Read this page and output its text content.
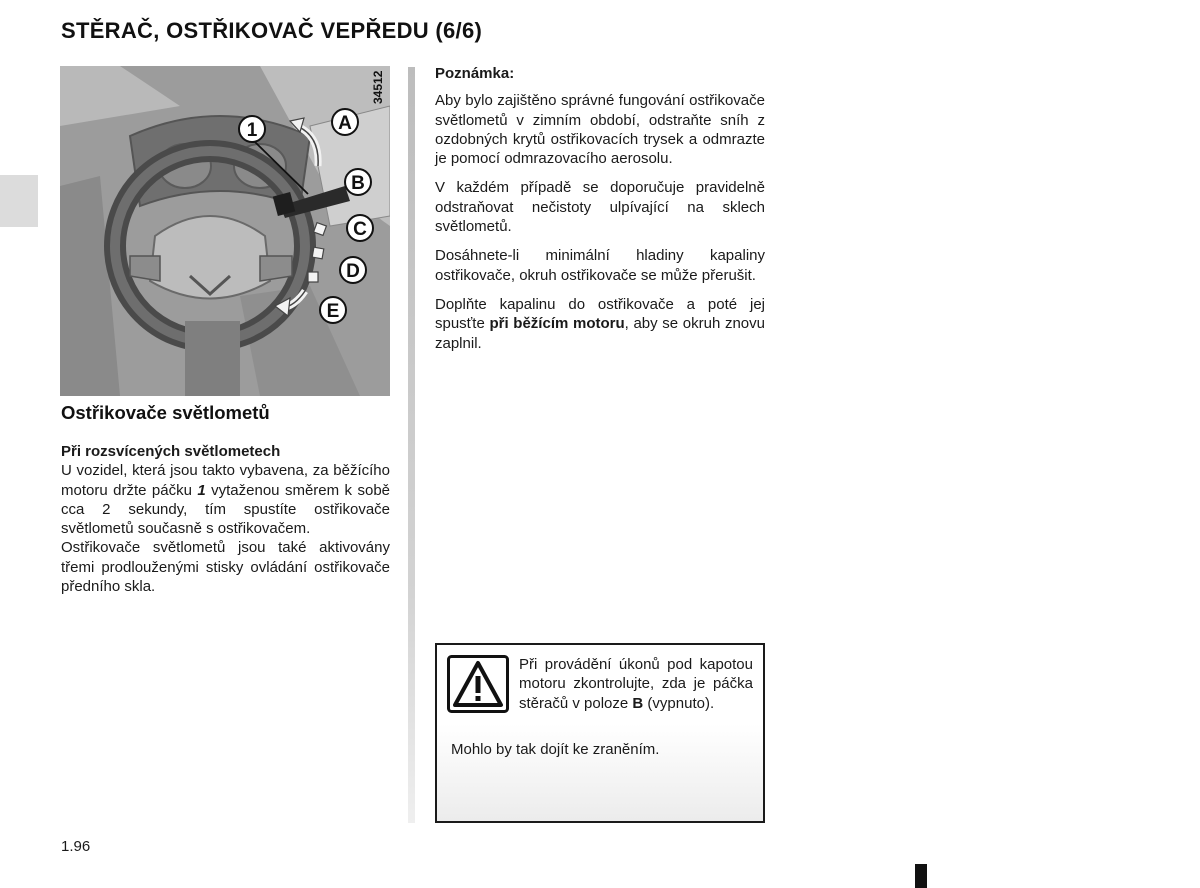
STĚRAČ, OSTŘIKOVAČ VEPŘEDU (6/6)
34512
1	A
B
C
D
E
Ostřikovače světlometů

Při rozsvícených světlometech

U vozidel, která jsou takto vybavena, za běžícího motoru držte páčku 1 vytaženou směrem k sobě cca 2 sekundy, tím spustíte ostřikovače světlometů současně s ostřikovačem.

Ostřikovače světlometů jsou také aktivovány třemi prodlouženými stisky ovládání ostřikovače předního skla.

Poznámka:

Aby bylo zajištěno správné fungování ostřikovače světlometů v zimním období, odstraňte sníh z ozdobných krytů ostřikovacích trysek a odmrazte je pomocí odmrazovacího aerosolu.

V každém případě se doporučuje pravidelně odstraňovat nečistoty ulpívající na sklech světlometů.

Dosáhnete-li minimální hladiny kapaliny ostřikovače, okruh ostřikovače se může přerušit.

Doplňte kapalinu do ostřikovače a poté jej spusťte při běžícím motoru, aby se okruh znovu zaplnil.

Při provádění úkonů pod kapotou motoru zkontrolujte, zda je páčka stěračů v poloze B (vypnuto).

Mohlo by tak dojít ke zranĕním.

1.96
